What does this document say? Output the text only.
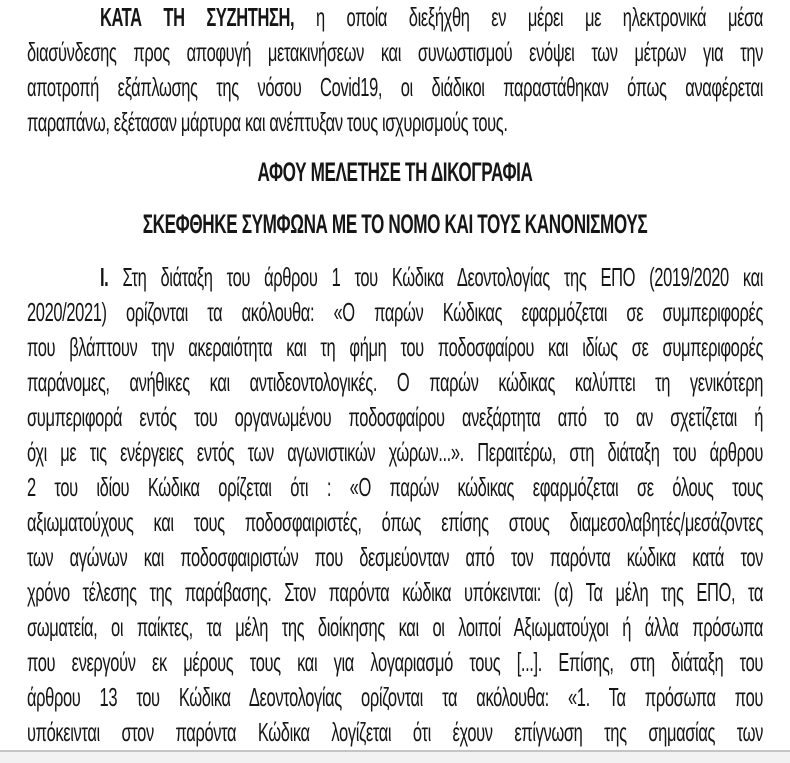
ΚΑΤΑ ΤΗ ΣΥΖΗΤΗΣΗ, η οποία διεξήχθη εν μέρει με ηλεκτρονικά μέσα
διασύνδεσης προς αποφυγή μετακινήσεων και συνωστισμού ενόψει των μέτρων για την
αποτροπή εξάπλωσης της νόσου Covid19, οι διάδικοι παραστάθηκαν όπως αναφέρεται
παραπάνω, εξέτασαν μάρτυρα και ανέπτυξαν τους ισχυρισμούς τους.
ΑΦΟΥ ΜΕΛΕΤΗΣΕ ΤΗ ΔΙΚΟΓΡΑΦΙΑ
ΣΚΕΦΘΗΚΕ ΣΥΜΦΩΝΑ ΜΕ ΤΟ ΝΟΜΟ ΚΑΙ ΤΟΥΣ ΚΑΝΟΝΙΣΜΟΥΣ
Ι. Στη διάταξη του άρθρου 1 του Κώδικα Δεοντολογίας της ΕΠΟ (2019/2020 και
2020/2021) ορίζονται τα ακόλουθα: «Ο παρών Κώδικας εφαρμόζεται σε συμπεριφορές
που βλάπτουν την ακεραιότητα και τη φήμη του ποδοσφαίρου και ιδίως σε συμπεριφορές
παράνομες, ανήθικες και αντιδεοντολογικές. Ο παρών κώδικας καλύπτει τη γενικότερη
συμπεριφορά εντός του οργανωμένου ποδοσφαίρου ανεξάρτητα από το αν σχετίζεται ή
όχι με τις ενέργειες εντός των αγωνιστικών χώρων...». Περαιτέρω, στη διάταξη του άρθρου
2 του ιδίου Κώδικα ορίζεται ότι : «Ο παρών κώδικας εφαρμόζεται σε όλους τους
αξιωματούχους και τους ποδοσφαιριστές, όπως επίσης στους διαμεσολαβητές/μεσάζοντες
των αγώνων και ποδοσφαιριστών που δεσμεύονταν από τον παρόντα κώδικα κατά τον
χρόνο τέλεσης της παράβασης. Στον παρόντα κώδικα υπόκεινται: (α) Τα μέλη της ΕΠΟ, τα
σωματεία, οι παίκτες, τα μέλη της διοίκησης και οι λοιποί Αξιωματούχοι ή άλλα πρόσωπα
που ενεργούν εκ μέρους τους και για λογαριασμό τους [...]. Επίσης, στη διάταξη του
άρθρου 13 του Κώδικα Δεοντολογίας ορίζονται τα ακόλουθα: «1. Τα πρόσωπα που
υπόκεινται στον παρόντα Κώδικα λογίζεται ότι έχουν επίγνωση της σημασίας των
